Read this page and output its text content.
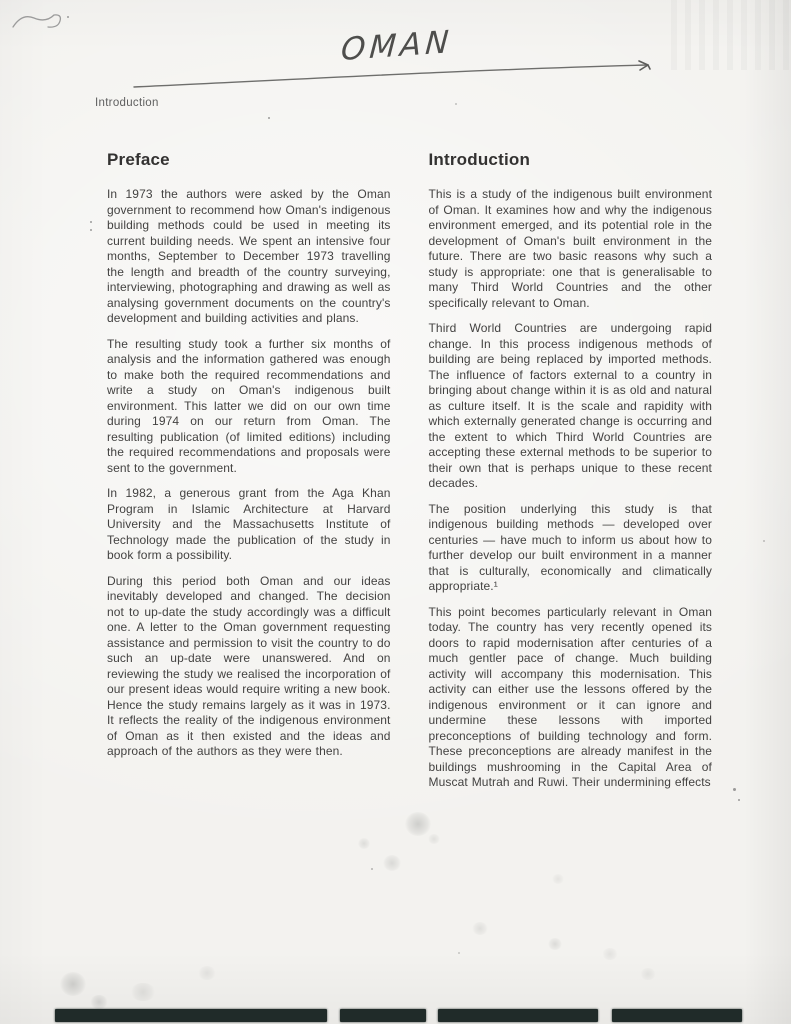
OMAN
Introduction
Preface

In 1973 the authors were asked by the Oman government to recommend how Oman's indigenous building methods could be used in meeting its current building needs. We spent an intensive four months, September to December 1973 travelling the length and breadth of the country surveying, interviewing, photographing and drawing as well as analysing government documents on the country's development and building activities and plans.

The resulting study took a further six months of analysis and the information gathered was enough to make both the required recommendations and write a study on Oman's indigenous built environment. This latter we did on our own time during 1974 on our return from Oman. The resulting publication (of limited editions) including the required recommendations and proposals were sent to the government.

In 1982, a generous grant from the Aga Khan Program in Islamic Architecture at Harvard University and the Massachusetts Institute of Technology made the publication of the study in book form a possibility.

During this period both Oman and our ideas inevitably developed and changed. The decision not to up-date the study accordingly was a difficult one. A letter to the Oman government requesting assistance and permission to visit the country to do such an up-date were unanswered. And on reviewing the study we realised the incorporation of our present ideas would require writing a new book. Hence the study remains largely as it was in 1973. It reflects the reality of the indigenous environment of Oman as it then existed and the ideas and approach of the authors as they were then.

Introduction

This is a study of the indigenous built environment of Oman. It examines how and why the indigenous environment emerged, and its potential role in the development of Oman's built environment in the future. There are two basic reasons why such a study is appropriate: one that is generalisable to many Third World Countries and the other specifically relevant to Oman.

Third World Countries are undergoing rapid change. In this process indigenous methods of building are being replaced by imported methods. The influence of factors external to a country in bringing about change within it is as old and natural as culture itself. It is the scale and rapidity with which externally generated change is occurring and the extent to which Third World Countries are accepting these external methods to be superior to their own that is perhaps unique to these recent decades.

The position underlying this study is that indigenous building methods — developed over centuries — have much to inform us about how to further develop our built environment in a manner that is culturally, economically and climatically appropriate.¹

This point becomes particularly relevant in Oman today. The country has very recently opened its doors to rapid modernisation after centuries of a much gentler pace of change. Much building activity will accompany this modernisation. This activity can either use the lessons offered by the indigenous environment or it can ignore and undermine these lessons with imported preconceptions of building technology and form. These preconceptions are already manifest in the buildings mushrooming in the Capital Area of Muscat Mutrah and Ruwi. Their undermining effects
